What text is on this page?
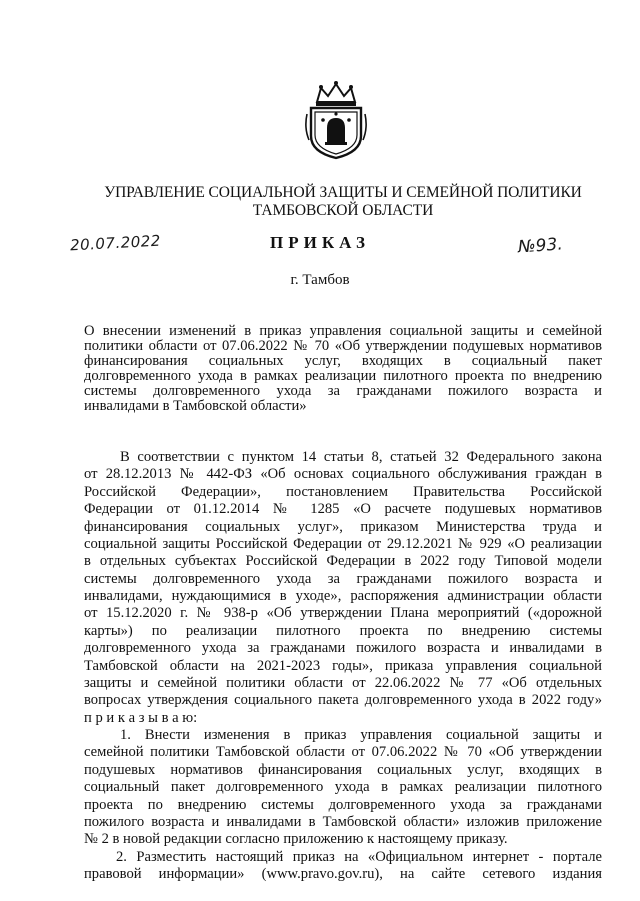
УПРАВЛЕНИЕ СОЦИАЛЬНОЙ ЗАЩИТЫ И СЕМЕЙНОЙ ПОЛИТИКИ
ТАМБОВСКОЙ ОБЛАСТИ
20.07.2022	ПРИКАЗ	№93.
г. Тамбов
О внесении изменений в приказ управления социальной защиты и семейной
политики области от 07.06.2022 № 70 «Об утверждении подушевых нормативов
финансирования социальных услуг, входящих в социальный пакет
долговременного ухода в рамках реализации пилотного проекта по внедрению
системы долговременного ухода за гражданами пожилого возраста и
инвалидами в Тамбовской области»
В соответствии с пунктом 14 статьи 8, статьей 32 Федерального закона
от 28.12.2013 № 442-ФЗ «Об основах социального обслуживания граждан в
Российской Федерации», постановлением Правительства Российской
Федерации от 01.12.2014 № 1285 «О расчете подушевых нормативов
финансирования социальных услуг», приказом Министерства труда и
социальной защиты Российской Федерации от 29.12.2021 № 929 «О реализации
в отдельных субъектах Российской Федерации в 2022 году Типовой модели
системы долговременного ухода за гражданами пожилого возраста и
инвалидами, нуждающимися в уходе», распоряжения администрации области
от 15.12.2020 г. № 938-р «Об утверждении Плана мероприятий («дорожной
карты») по реализации пилотного проекта по внедрению системы
долговременного ухода за гражданами пожилого возраста и инвалидами в
Тамбовской области на 2021-2023 годы», приказа управления социальной
защиты и семейной политики области от 22.06.2022 № 77 «Об отдельных
вопросах утверждения социального пакета долговременного ухода в 2022 году»
п р и к а з ы в а ю:
1. Внести изменения в приказ управления социальной защиты и
семейной политики Тамбовской области от 07.06.2022 № 70 «Об утверждении
подушевых нормативов финансирования социальных услуг, входящих в
социальный пакет долговременного ухода в рамках реализации пилотного
проекта по внедрению системы долговременного ухода за гражданами
пожилого возраста и инвалидами в Тамбовской области» изложив приложение
№ 2 в новой редакции согласно приложению к настоящему приказу.
2. Разместить настоящий приказ на «Официальном интернет - портале
правовой информации» (www.pravo.gov.ru), на сайте сетевого издания
